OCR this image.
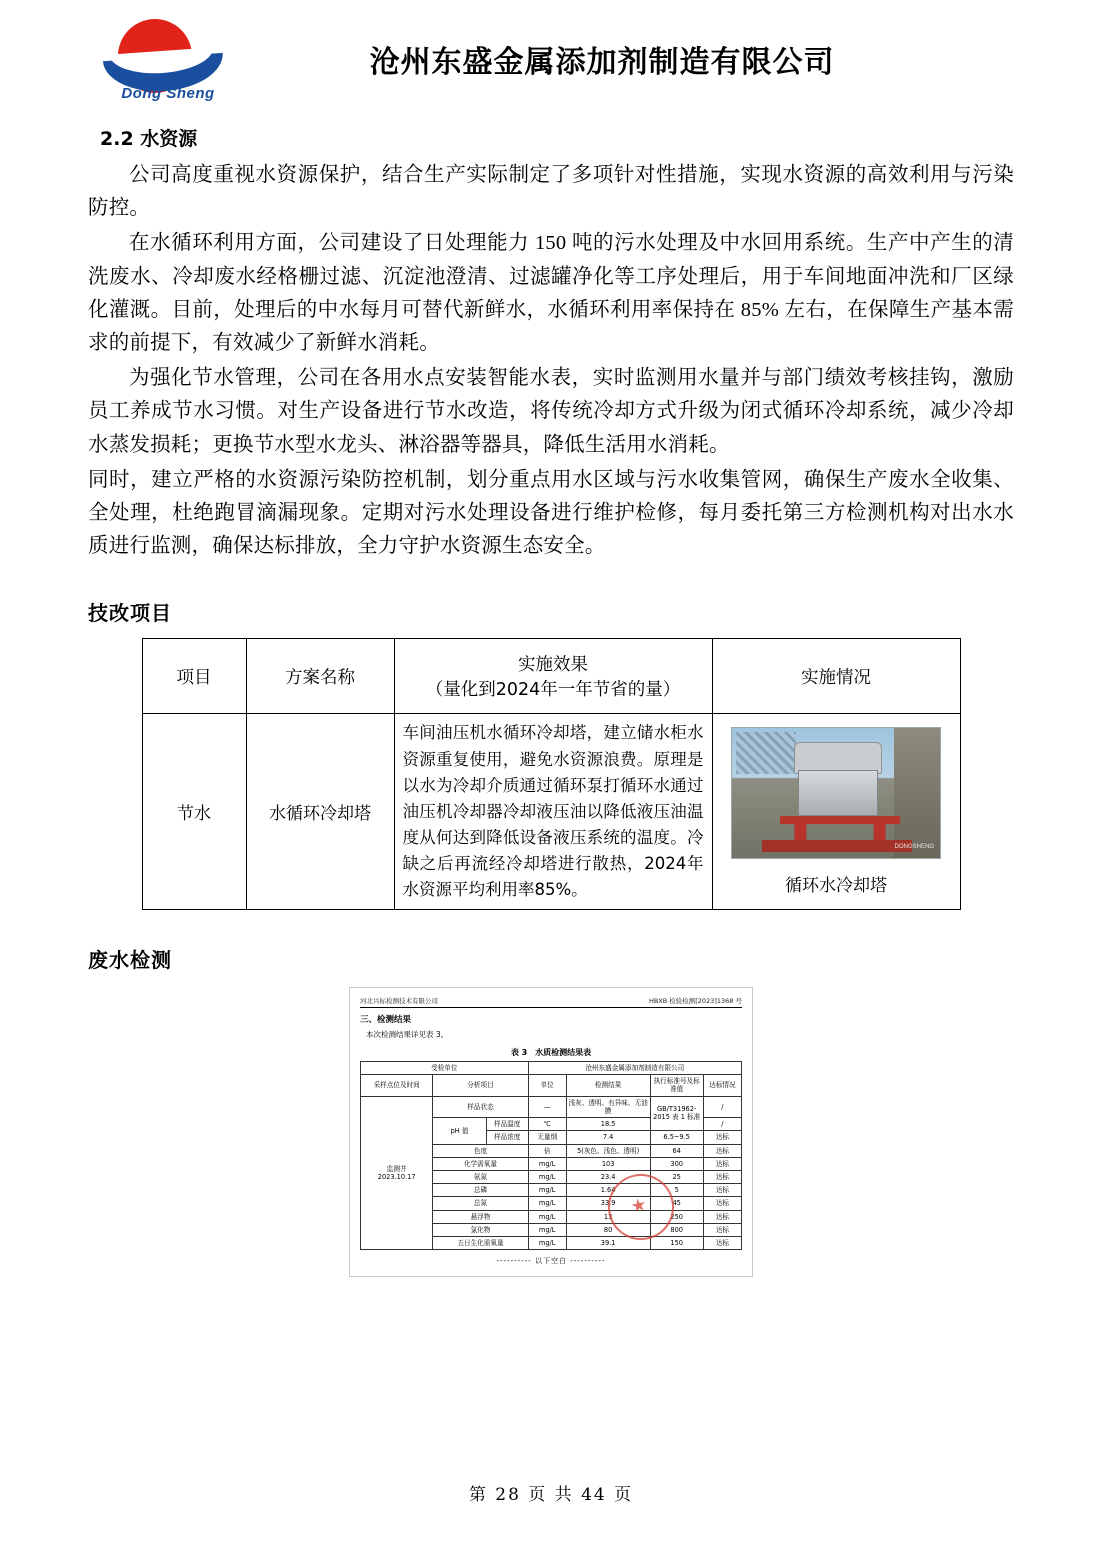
Dong Sheng
沧州东盛金属添加剂制造有限公司
2.2 水资源

公司高度重视水资源保护，结合生产实际制定了多项针对性措施，实现水资源的高效利用与污染防控。

在水循环利用方面，公司建设了日处理能力 150 吨的污水处理及中水回用系统。生产中产生的清洗废水、冷却废水经格栅过滤、沉淀池澄清、过滤罐净化等工序处理后，用于车间地面冲洗和厂区绿化灌溉。目前，处理后的中水每月可替代新鲜水，水循环利用率保持在 85% 左右，在保障生产基本需求的前提下，有效减少了新鲜水消耗。

为强化节水管理，公司在各用水点安装智能水表，实时监测用水量并与部门绩效考核挂钩，激励员工养成节水习惯。对生产设备进行节水改造，将传统冷却方式升级为闭式循环冷却系统，减少冷却水蒸发损耗；更换节水型水龙头、淋浴器等器具，降低生活用水消耗。

同时，建立严格的水资源污染防控机制，划分重点用水区域与污水收集管网，确保生产废水全收集、全处理，杜绝跑冒滴漏现象。定期对污水处理设备进行维护检修，每月委托第三方检测机构对出水水质进行监测，确保达标排放，全力守护水资源生态安全。

技改项目
项目	方案名称	实施效果
（量化到2024年一年节省的量）	实施情况
节水	水循环冷却塔	车间油压机水循环冷却塔，建立储水柜水资源重复使用，避免水资源浪费。原理是以水为冷却介质通过循环泵打循环水通过油压机冷却器冷却液压油以降低液压油温度从何达到降低设备液压系统的温度。冷缺之后再流经冷却塔进行散热，2024年水资源平均利用率85%。	DONGSHENG
循环水冷却塔
废水检测
河北兴标检测技术有限公司	HBXB 检验检测[2023]1368 号
三、检测结果
本次检测结果详见表 3。
表 3　水质检测结果表
受检单位			沧州东盛金属添加剂制造有限公司			
采样点位及时间	分析项目		单位	检测结果	执行标准号及标准值	达标情况

监测井
2023.10.17	样品状态		—	浅灰、透明、有异味、无油膜	GB/T31962-2015 表 1 标准	/
	pH 值	样品温度	℃	18.5		/
		样品浓度	无量纲	7.4	6.5~9.5	达标
	色度		倍	5(灰色、浅色、透明)	64	达标
	化学需氧量		mg/L	103	300	达标
	氨氮		mg/L	23.4	25	达标
	总磷		mg/L	1.64	5	达标
	总氮		mg/L	33.9	45	达标
	悬浮物		mg/L	13	250	达标
	氯化物		mg/L	80	800	达标
	五日生化需氧量		mg/L	39.1	150	达标
---------- 以下空白 ----------
第 28 页 共 44 页
